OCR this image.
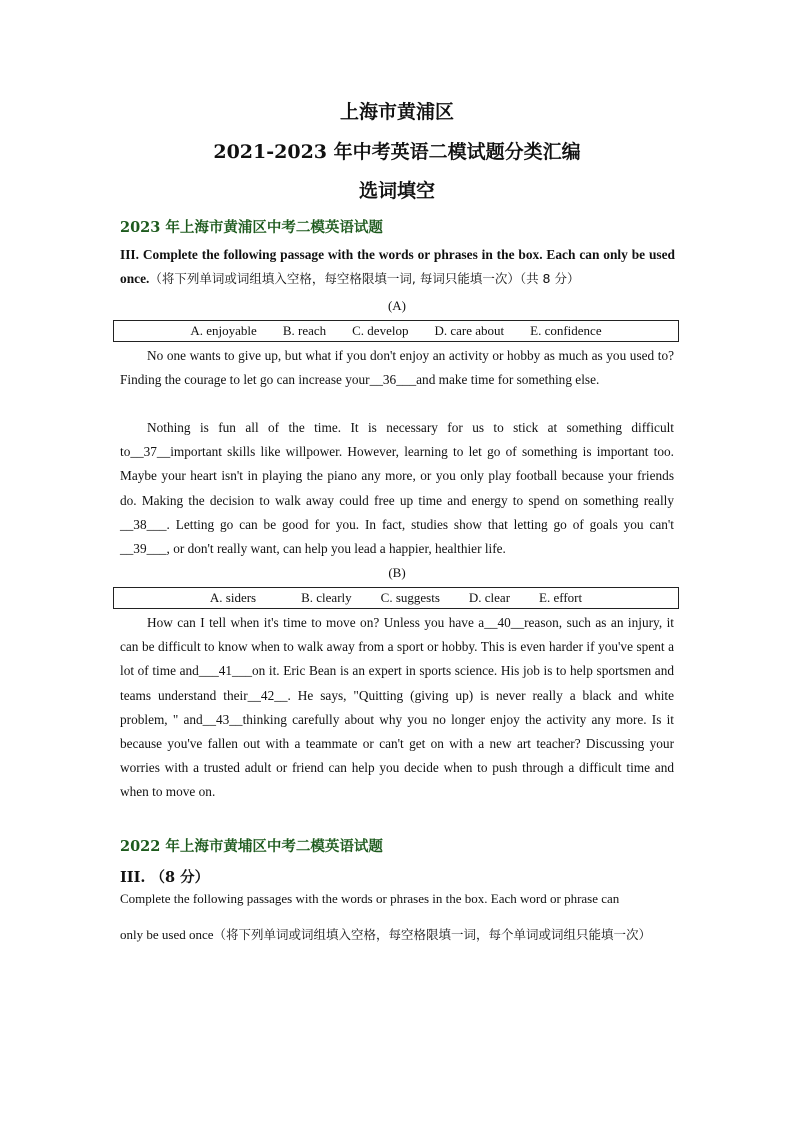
上海市黄浦区
2021-2023 年中考英语二模试题分类汇编
选词填空
2023 年上海市黄浦区中考二模英语试题
III. Complete the following passage with the words or phrases in the box. Each can only be used once.（将下列单词或词组填入空格，每空格限填一词, 每词只能填一次）（共 8 分）
(A)
A. enjoyable B. reach C. develop D. care about E. confidence

No one wants to give up, but what if you don't enjoy an activity or hobby as much as you used to? Finding the courage to let go can increase your__36___and make time for something else.

Nothing is fun all of the time. It is necessary for us to stick at something difficult to__37__important skills like willpower. However, learning to let go of something is important too. Maybe your heart isn't in playing the piano any more, or you only play football because your friends do. Making the decision to walk away could free up time and energy to spend on something really __38___. Letting go can be good for you. In fact, studies show that letting go of goals you can't __39___, or don't really want, can help you lead a happier, healthier life.

(B)
A. siders	B. clearly C. suggests D. clear E. effort

How can I tell when it's time to move on? Unless you have a__40__reason, such as an injury, it can be difficult to know when to walk away from a sport or hobby. This is even harder if you've spent a lot of time and___41___on it. Eric Bean is an expert in sports science. His job is to help sportsmen and teams understand their__42__. He says, "Quitting (giving up) is never really a black and white problem, " and__43__thinking carefully about why you no longer enjoy the activity any more. Is it because you've fallen out with a teammate or can't get on with a new art teacher? Discussing your worries with a trusted adult or friend can help you decide when to push through a difficult time and when to move on.

2022 年上海市黄埔区中考二模英语试题
III. （8 分）
Complete the following passages with the words or phrases in the box. Each word or phrase can
only be used once（将下列单词或词组填入空格，每空格限填一词，每个单词或词组只能填一次）
